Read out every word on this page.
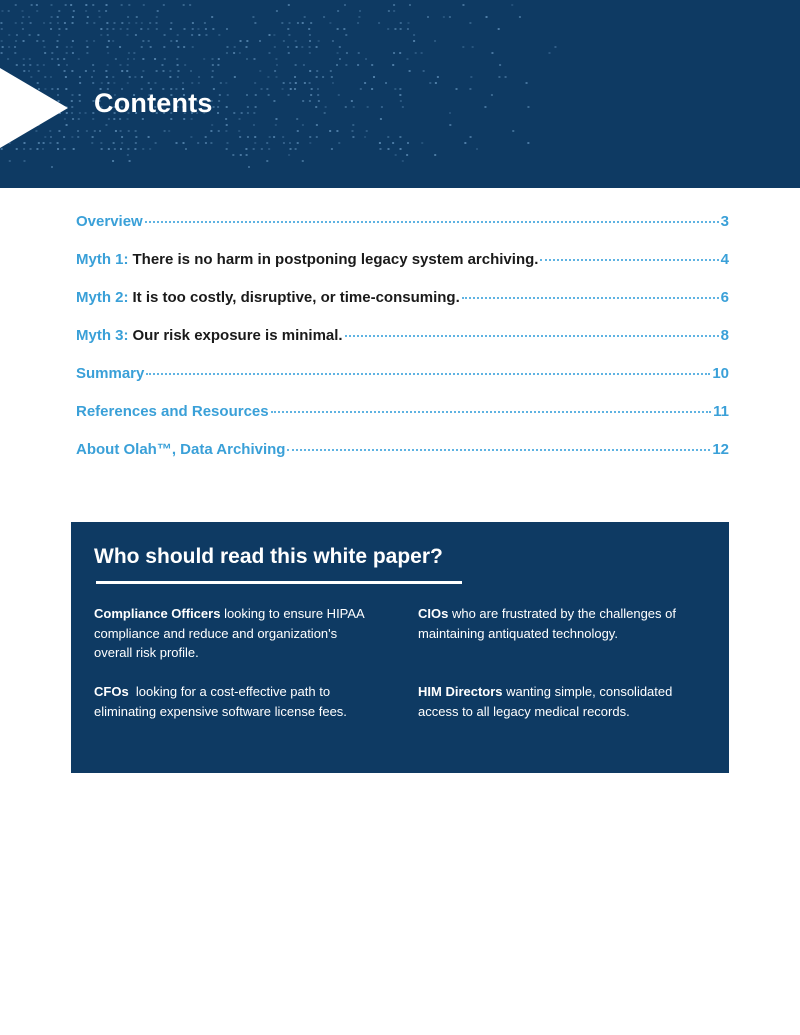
Contents
Overview	3
Myth 1: There is no harm in postponing legacy system archiving.	4
Myth 2: It is too costly, disruptive, or time-consuming.	6
Myth 3: Our risk exposure is minimal.	8
Summary	10
References and Resources	11
About Olah™, Data Archiving	12
Who should read this white paper?
Compliance Officers looking to ensure HIPAA compliance and reduce and organization's overall risk profile.
CIOs who are frustrated by the challenges of maintaining antiquated technology.
CFOs  looking for a cost-effective path to eliminating expensive software license fees.
HIM Directors wanting simple, consolidated access to all legacy medical records.
